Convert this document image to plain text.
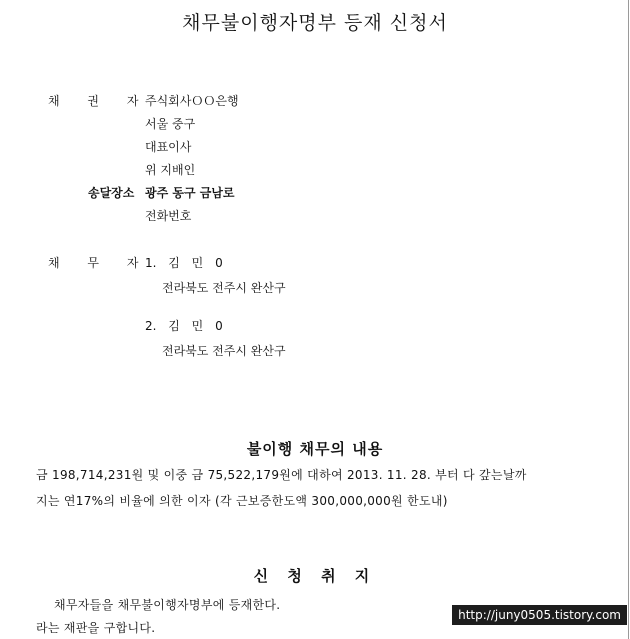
채무불이행자명부 등재 신청서
채 권 자
주식회사ＯＯ은행
서울 중구
대표이사
위 지배인
송달장소 광주 동구 금남로
전화번호
채 무 자
1. 김 민 0
전라북도 전주시 완산구
2. 김 민 0
전라북도 전주시 완산구
불이행 채무의 내용
금 198,714,231원 및 이중 금 75,522,179원에 대하여 2013. 11. 28. 부터 다 갚는날까
지는 연17%의 비율에 의한 이자 (각 근보증한도액 300,000,000원 한도내)
신 청 취 지
채무자들을 채무불이행자명부에 등재한다.
라는 재판을 구합니다.
http://juny0505.tistory.com
